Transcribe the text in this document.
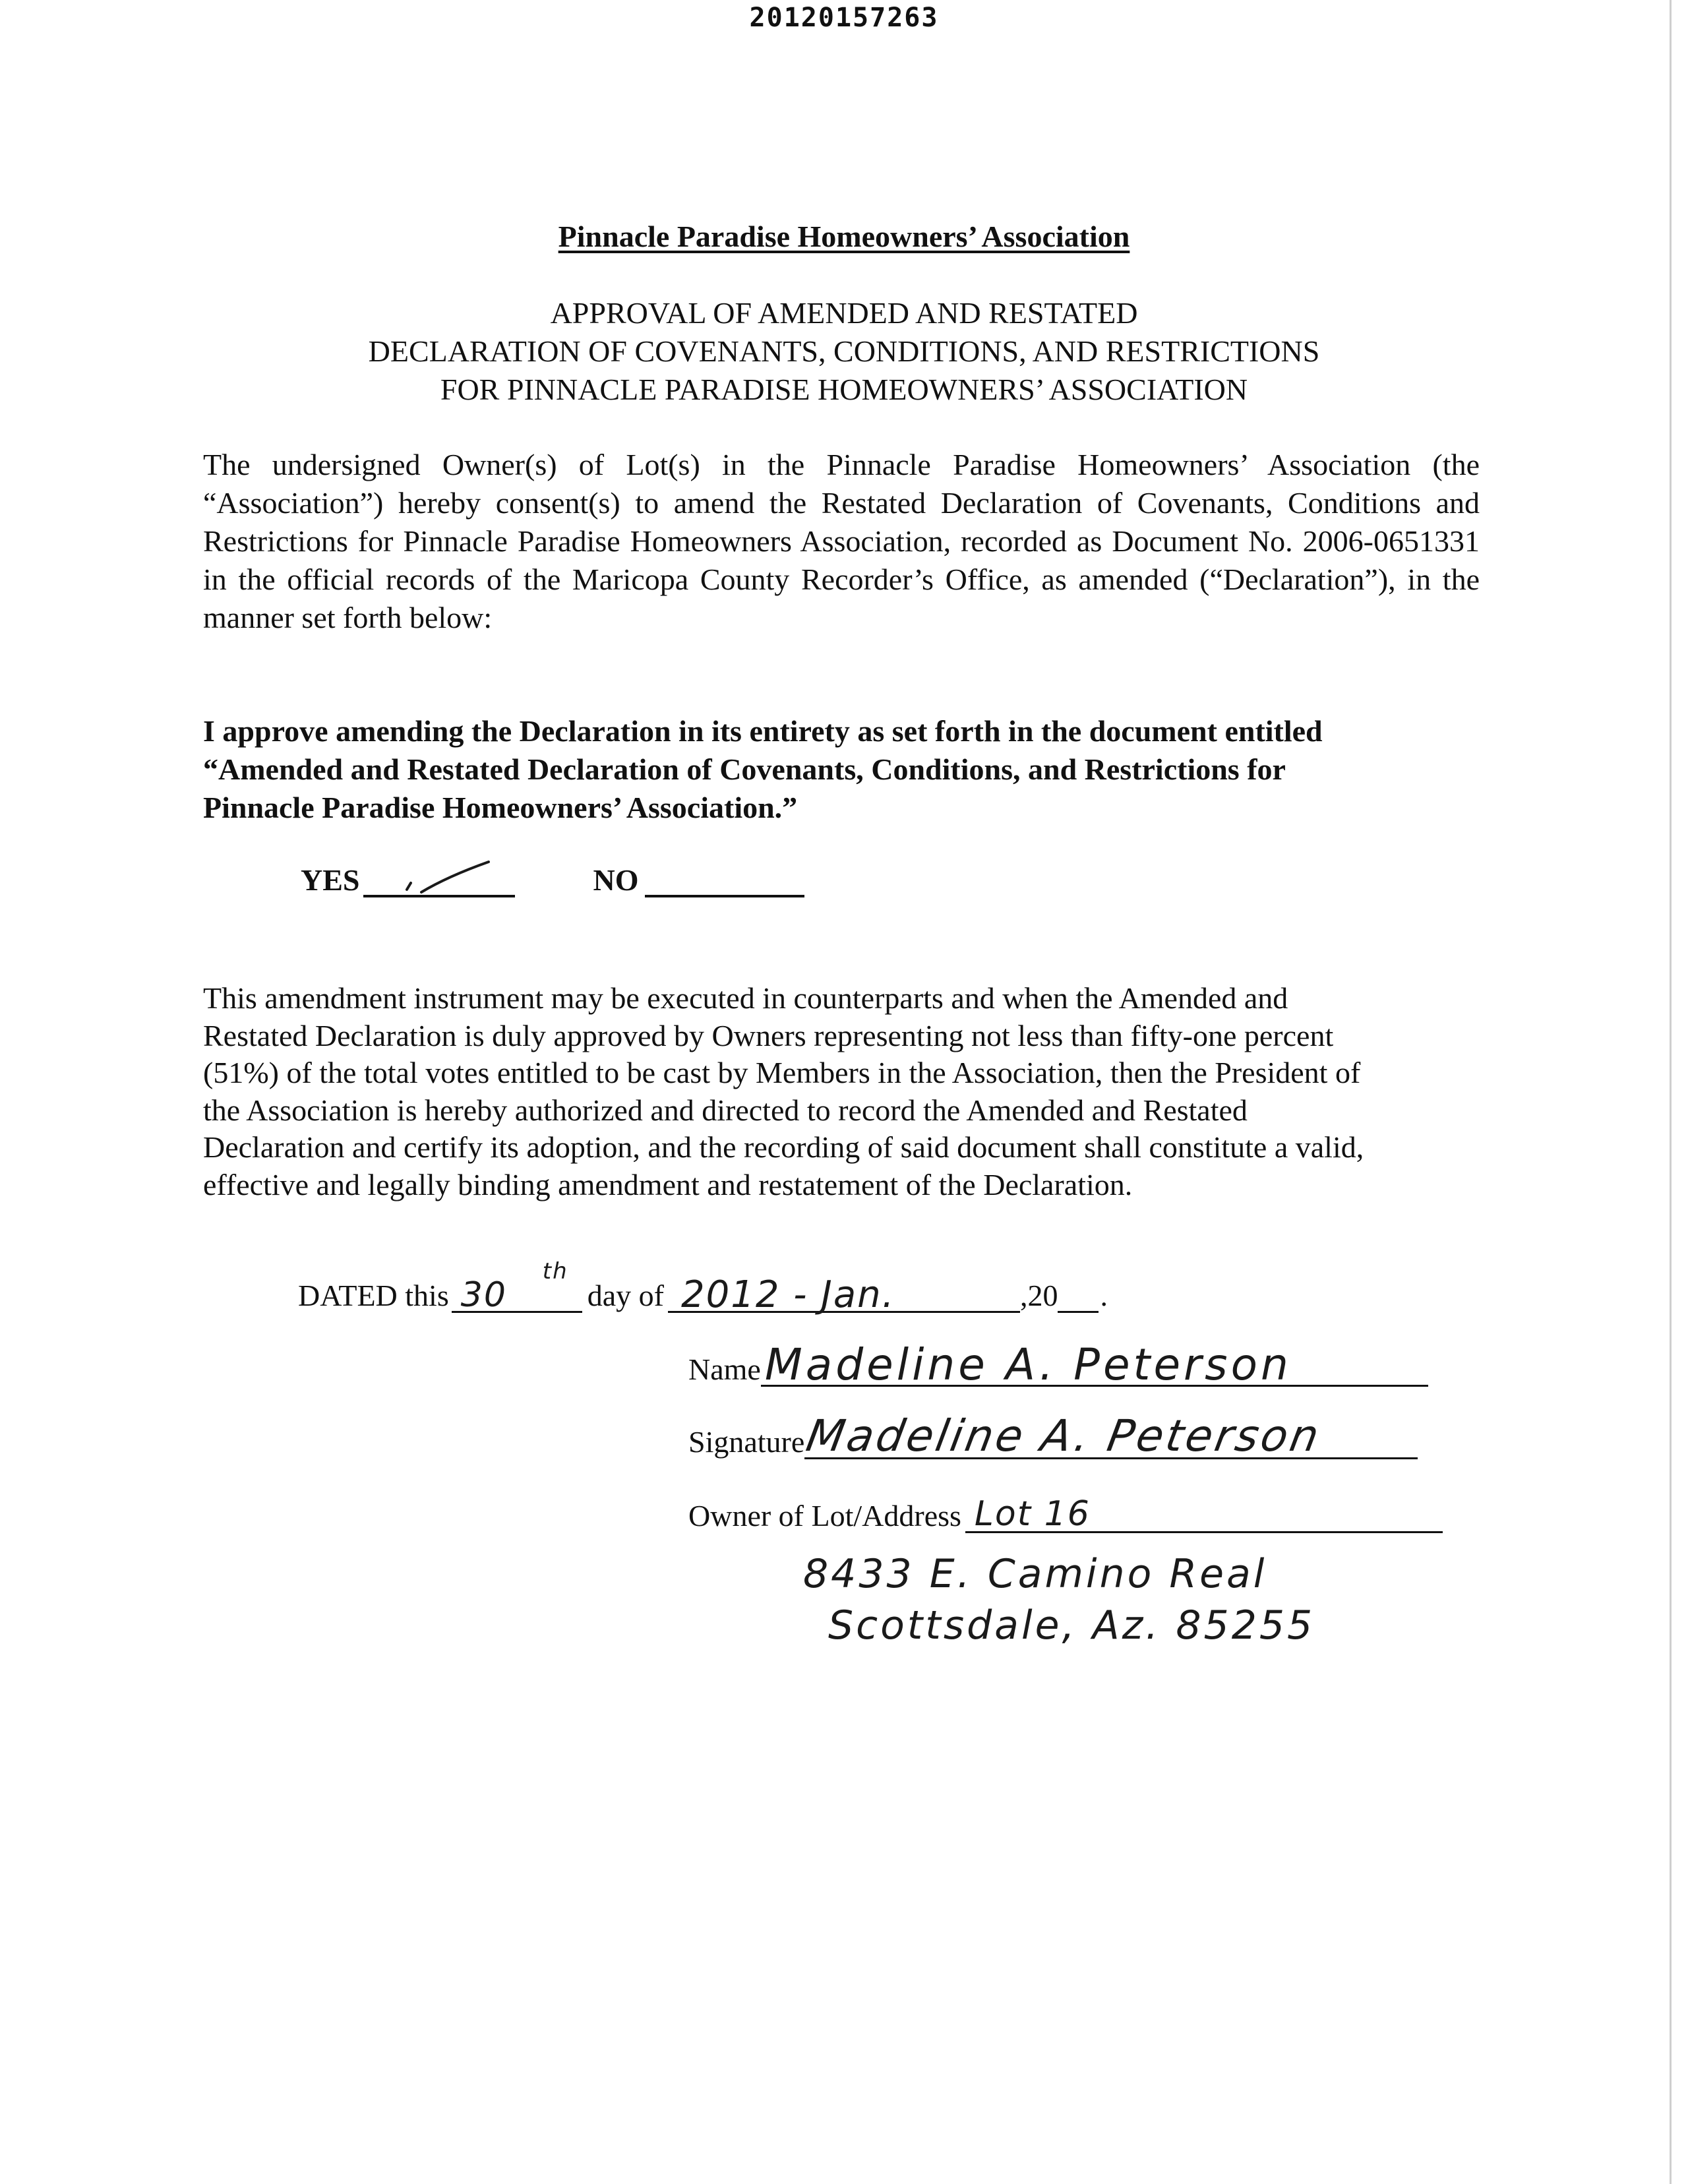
20120157263
Pinnacle Paradise Homeowners’ Association
APPROVAL OF AMENDED AND RESTATED
DECLARATION OF COVENANTS, CONDITIONS, AND RESTRICTIONS
FOR PINNACLE PARADISE HOMEOWNERS’ ASSOCIATION
The undersigned Owner(s) of Lot(s) in the Pinnacle Paradise Homeowners’ Association (the “Association”) hereby consent(s) to amend the Restated Declaration of Covenants, Conditions and Restrictions for Pinnacle Paradise Homeowners Association, recorded as Document No. 2006-0651331 in the official records of the Maricopa County Recorder’s Office, as amended (“Declaration”), in the manner set forth below:
I approve amending the Declaration in its entirety as set forth in the document entitled
“Amended and Restated Declaration of Covenants, Conditions, and Restrictions for
Pinnacle Paradise Homeowners’ Association.”
YES	NO
This amendment instrument may be executed in counterparts and when the Amended and
Restated Declaration is duly approved by Owners representing not less than fifty-one percent
(51%) of the total votes entitled to be cast by Members in the Association, then the President of
the Association is hereby authorized and directed to record the Amended and Restated
Declaration and certify its adoption, and the recording of said document shall constitute a valid,
effective and legally binding amendment and restatement of the Declaration.
DATED this 30
th
day of 2012 - Jan.	,20 .
Name Madeline A. Peterson
Signature
Madeline A. Peterson
Owner of Lot/Address Lot 16
8433 E. Camino Real
Scottsdale, Az. 85255
